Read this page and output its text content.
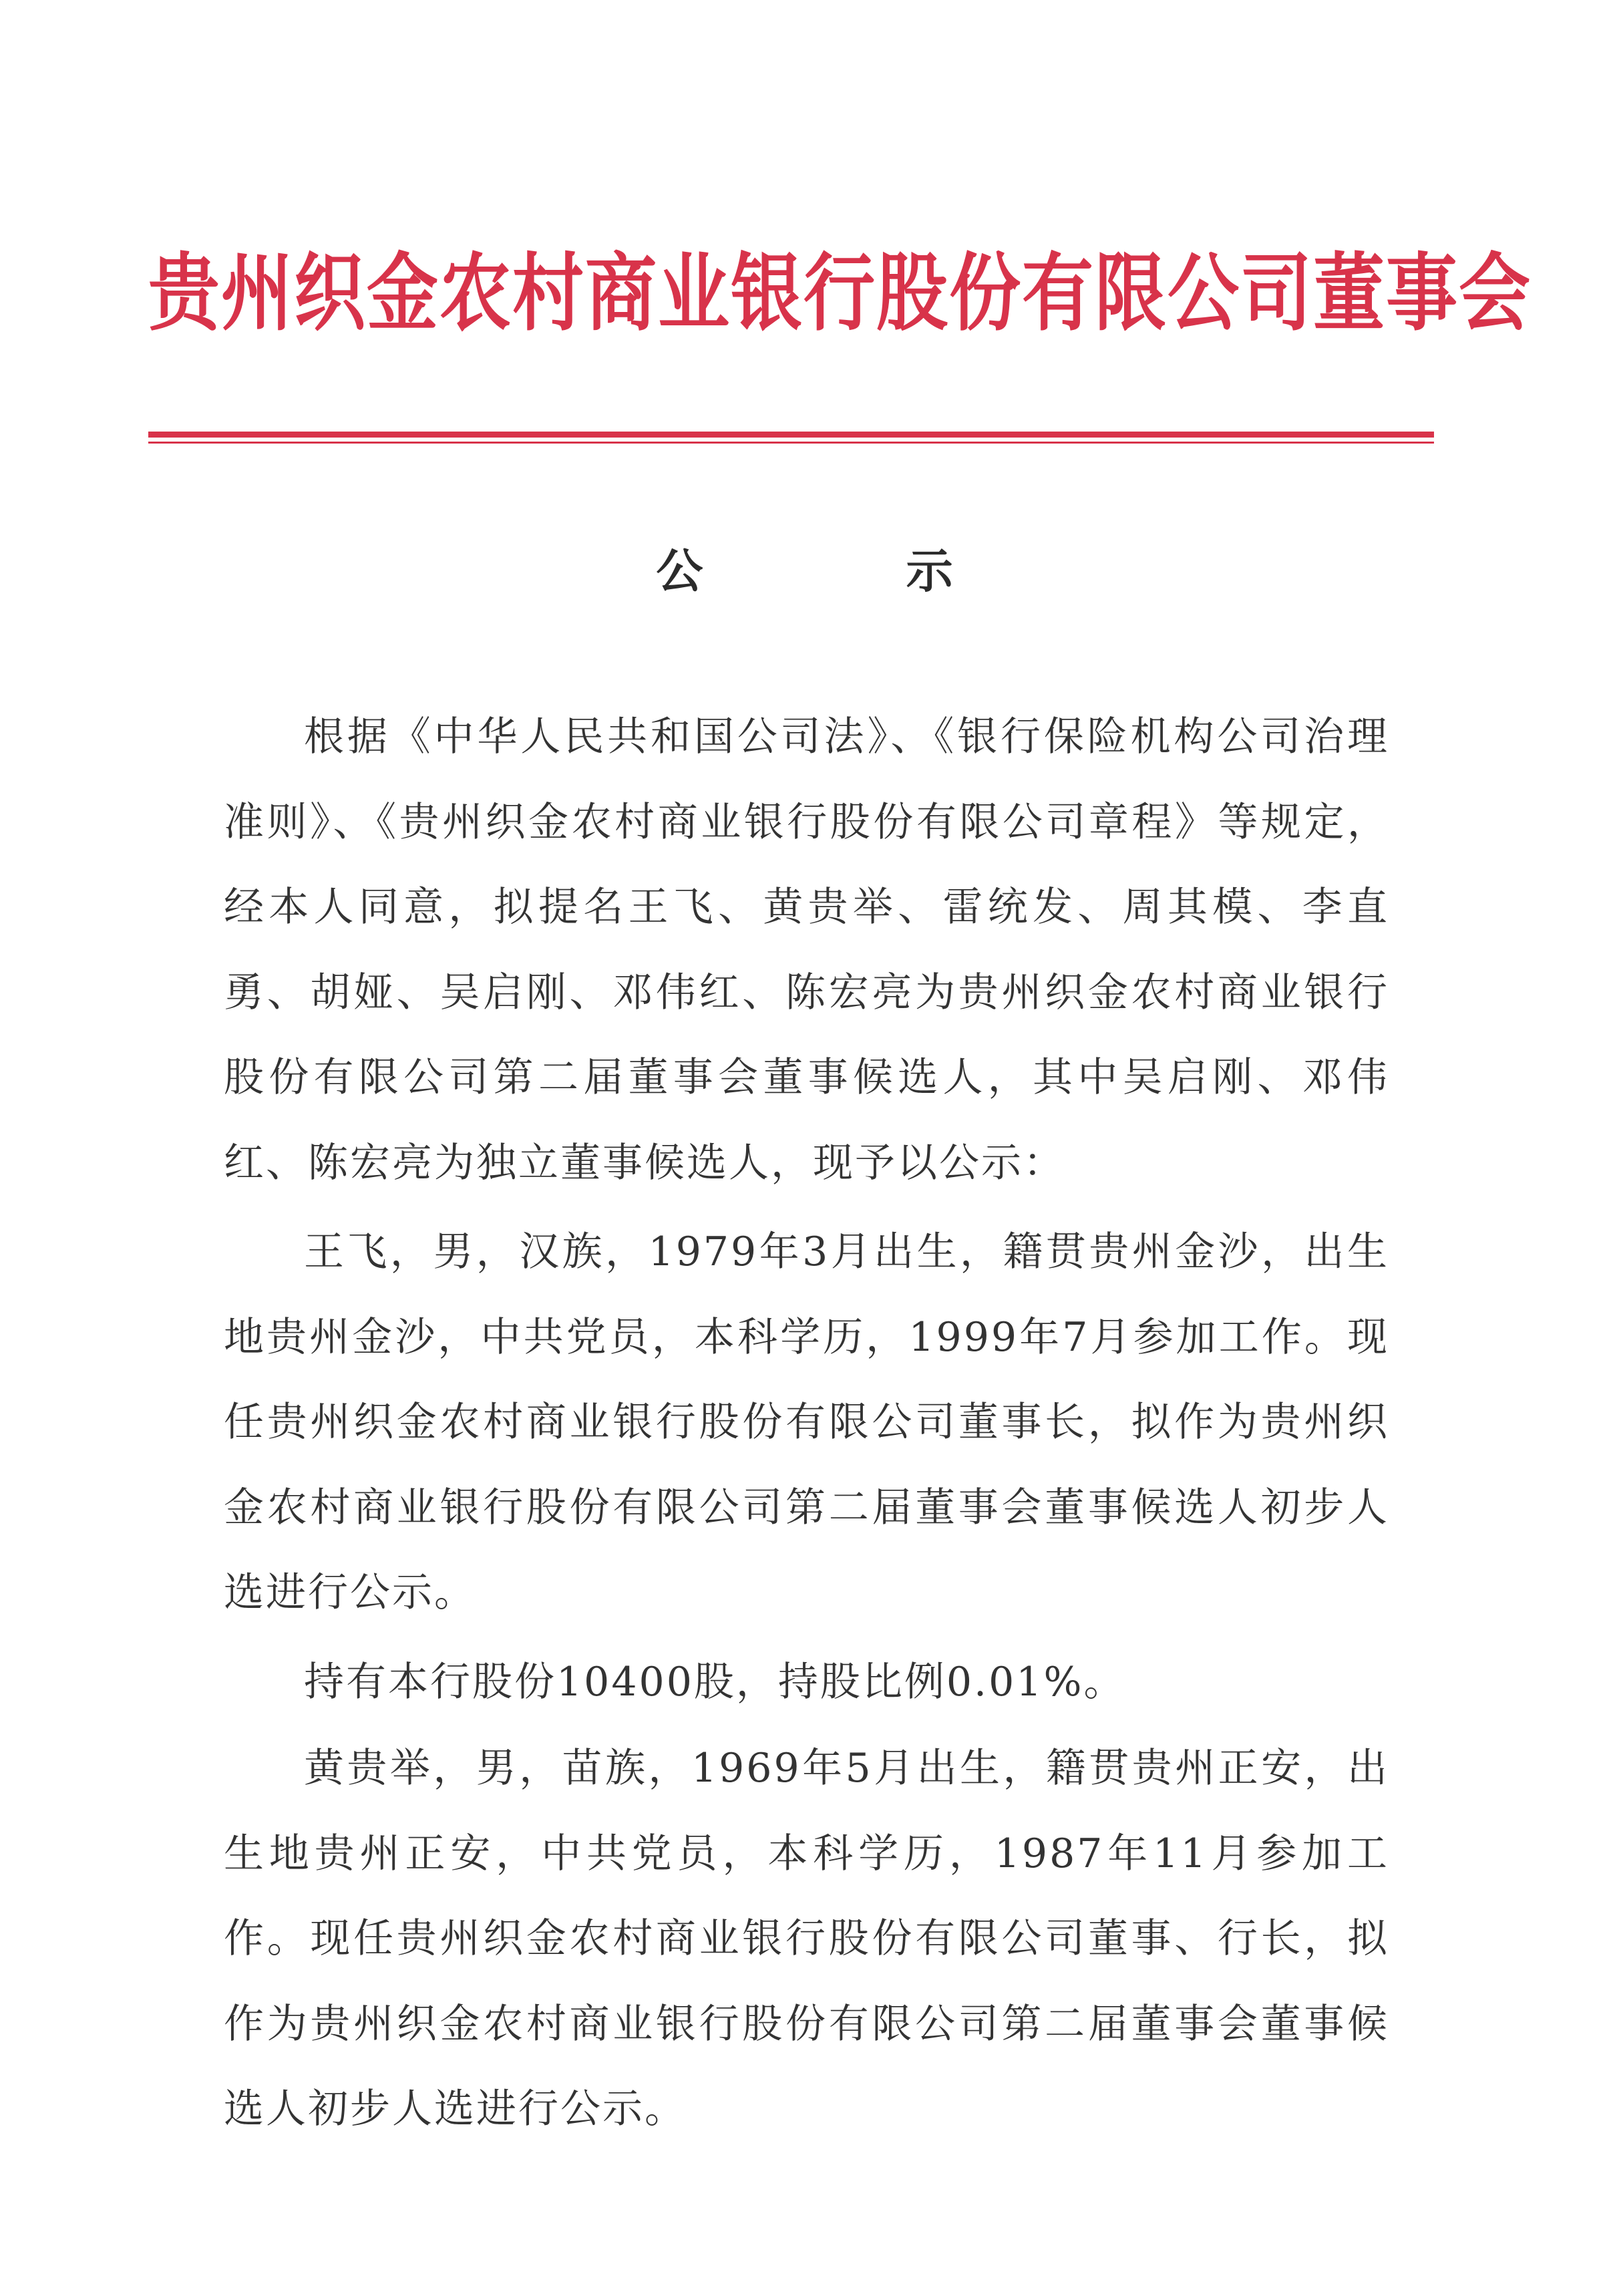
贵州织金农村商业银行股份有限公司董事会
公 示

根据《中华人民共和国公司法》、《银行保险机构公司治理准则》、《贵州织金农村商业银行股份有限公司章程》等规定，经本人同意，拟提名王飞、黄贵举、雷统发、周其模、李直勇、胡娅、吴启刚、邓伟红、陈宏亮为贵州织金农村商业银行股份有限公司第二届董事会董事候选人，其中吴启刚、邓伟红、陈宏亮为独立董事候选人，现予以公示：

王飞，男，汉族，1979年3月出生，籍贯贵州金沙，出生地贵州金沙，中共党员，本科学历，1999年7月参加工作。现任贵州织金农村商业银行股份有限公司董事长，拟作为贵州织金农村商业银行股份有限公司第二届董事会董事候选人初步人选进行公示。

持有本行股份10400股，持股比例0.01%。

黄贵举，男，苗族，1969年5月出生，籍贯贵州正安，出生地贵州正安，中共党员，本科学历，1987年11月参加工作。现任贵州织金农村商业银行股份有限公司董事、行长，拟作为贵州织金农村商业银行股份有限公司第二届董事会董事候选人初步人选进行公示。
